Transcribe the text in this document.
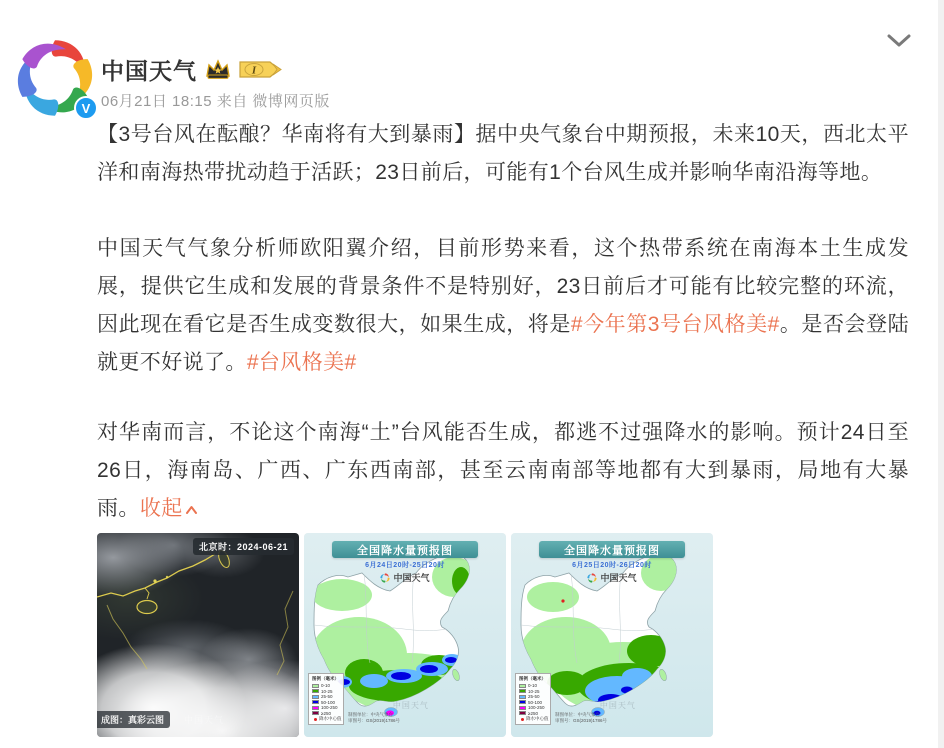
V
中国天气	I
06月21日 18:15 来自 微博网页版
【3号台风在酝酿？华南将有大到暴雨】据中央气象台中期预报，未来10天，西北太平洋和南海热带扰动趋于活跃；23日前后，可能有1个台风生成并影响华南沿海等地。
中国天气气象分析师欧阳翼介绍，目前形势来看，这个热带系统在南海本土生成发展，提供它生成和发展的背景条件不是特别好，23日前后才可能有比较完整的环流，因此现在看它是否生成变数很大，如果生成，将是#今年第3号台风格美#。是否会登陆就更不好说了。#台风格美#
对华南而言，不论这个南海“土”台风能否生成，都逃不过强降水的影响。预计24日至26日，海南岛、广西、广东西南部，甚至云南南部等地都有大到暴雨，局地有大暴雨。收起
北京时：2024-06-21
成图：真彩云图	中国天气
全国降水量预报图
6月24日20时-25日20时
中国天气
图例（毫米）
0-10
10-25
25-50
50-100
100-250
≥250
降水中心值
制图单位：中央气象台
审图号：GS(2019)1786号
中国天气
全国降水量预报图
6月25日20时-26日20时
中国天气
图例（毫米）
0-10
10-25
25-50
50-100
100-250
≥250
降水中心值
制图单位：中央气象台
审图号：GS(2019)1786号
中国天气
